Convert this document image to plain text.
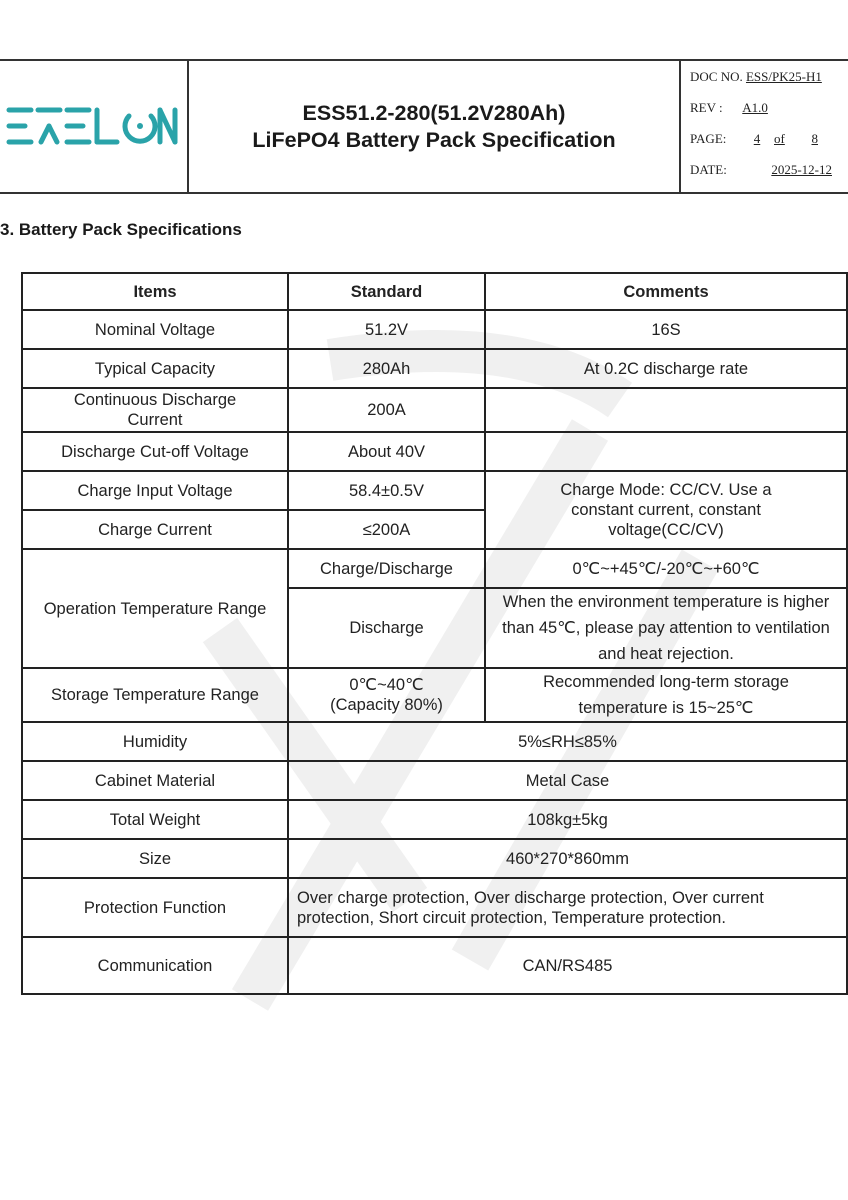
ESS51.2-280(51.2V280Ah)
LiFePO4 Battery Pack Specification
DOC NO.
ESS/PK25-H1
REV :
	A1.0
PAGE:	4	of	8
DATE:	2025-12-12
3. Battery Pack Specifications
Items	Standard	Comments
Nominal Voltage	51.2V	16S
Typical Capacity	280Ah	At 0.2C discharge rate
Continuous Discharge Current	200A	
Discharge Cut-off Voltage	About 40V	
Charge Input Voltage	58.4±0.5V	Charge Mode: CC/CV. Use a constant current, constant voltage(CC/CV)
Charge Current	≤200A	
Operation Temperature Range	Charge/Discharge	0℃~+45℃/-20℃~+60℃
	Discharge	When the environment temperature is higher than 45℃, please pay attention to ventilation and heat rejection.
Storage Temperature Range	0℃~40℃ (Capacity 80%)	Recommended long-term storage temperature is 15~25℃
Humidity	5%≤RH≤85%	
Cabinet Material	Metal Case	
Total Weight	108kg±5kg	
Size	460*270*860mm	
Protection Function	Over charge protection, Over discharge protection, Over current protection, Short circuit protection, Temperature protection.	
Communication	CAN/RS485	
